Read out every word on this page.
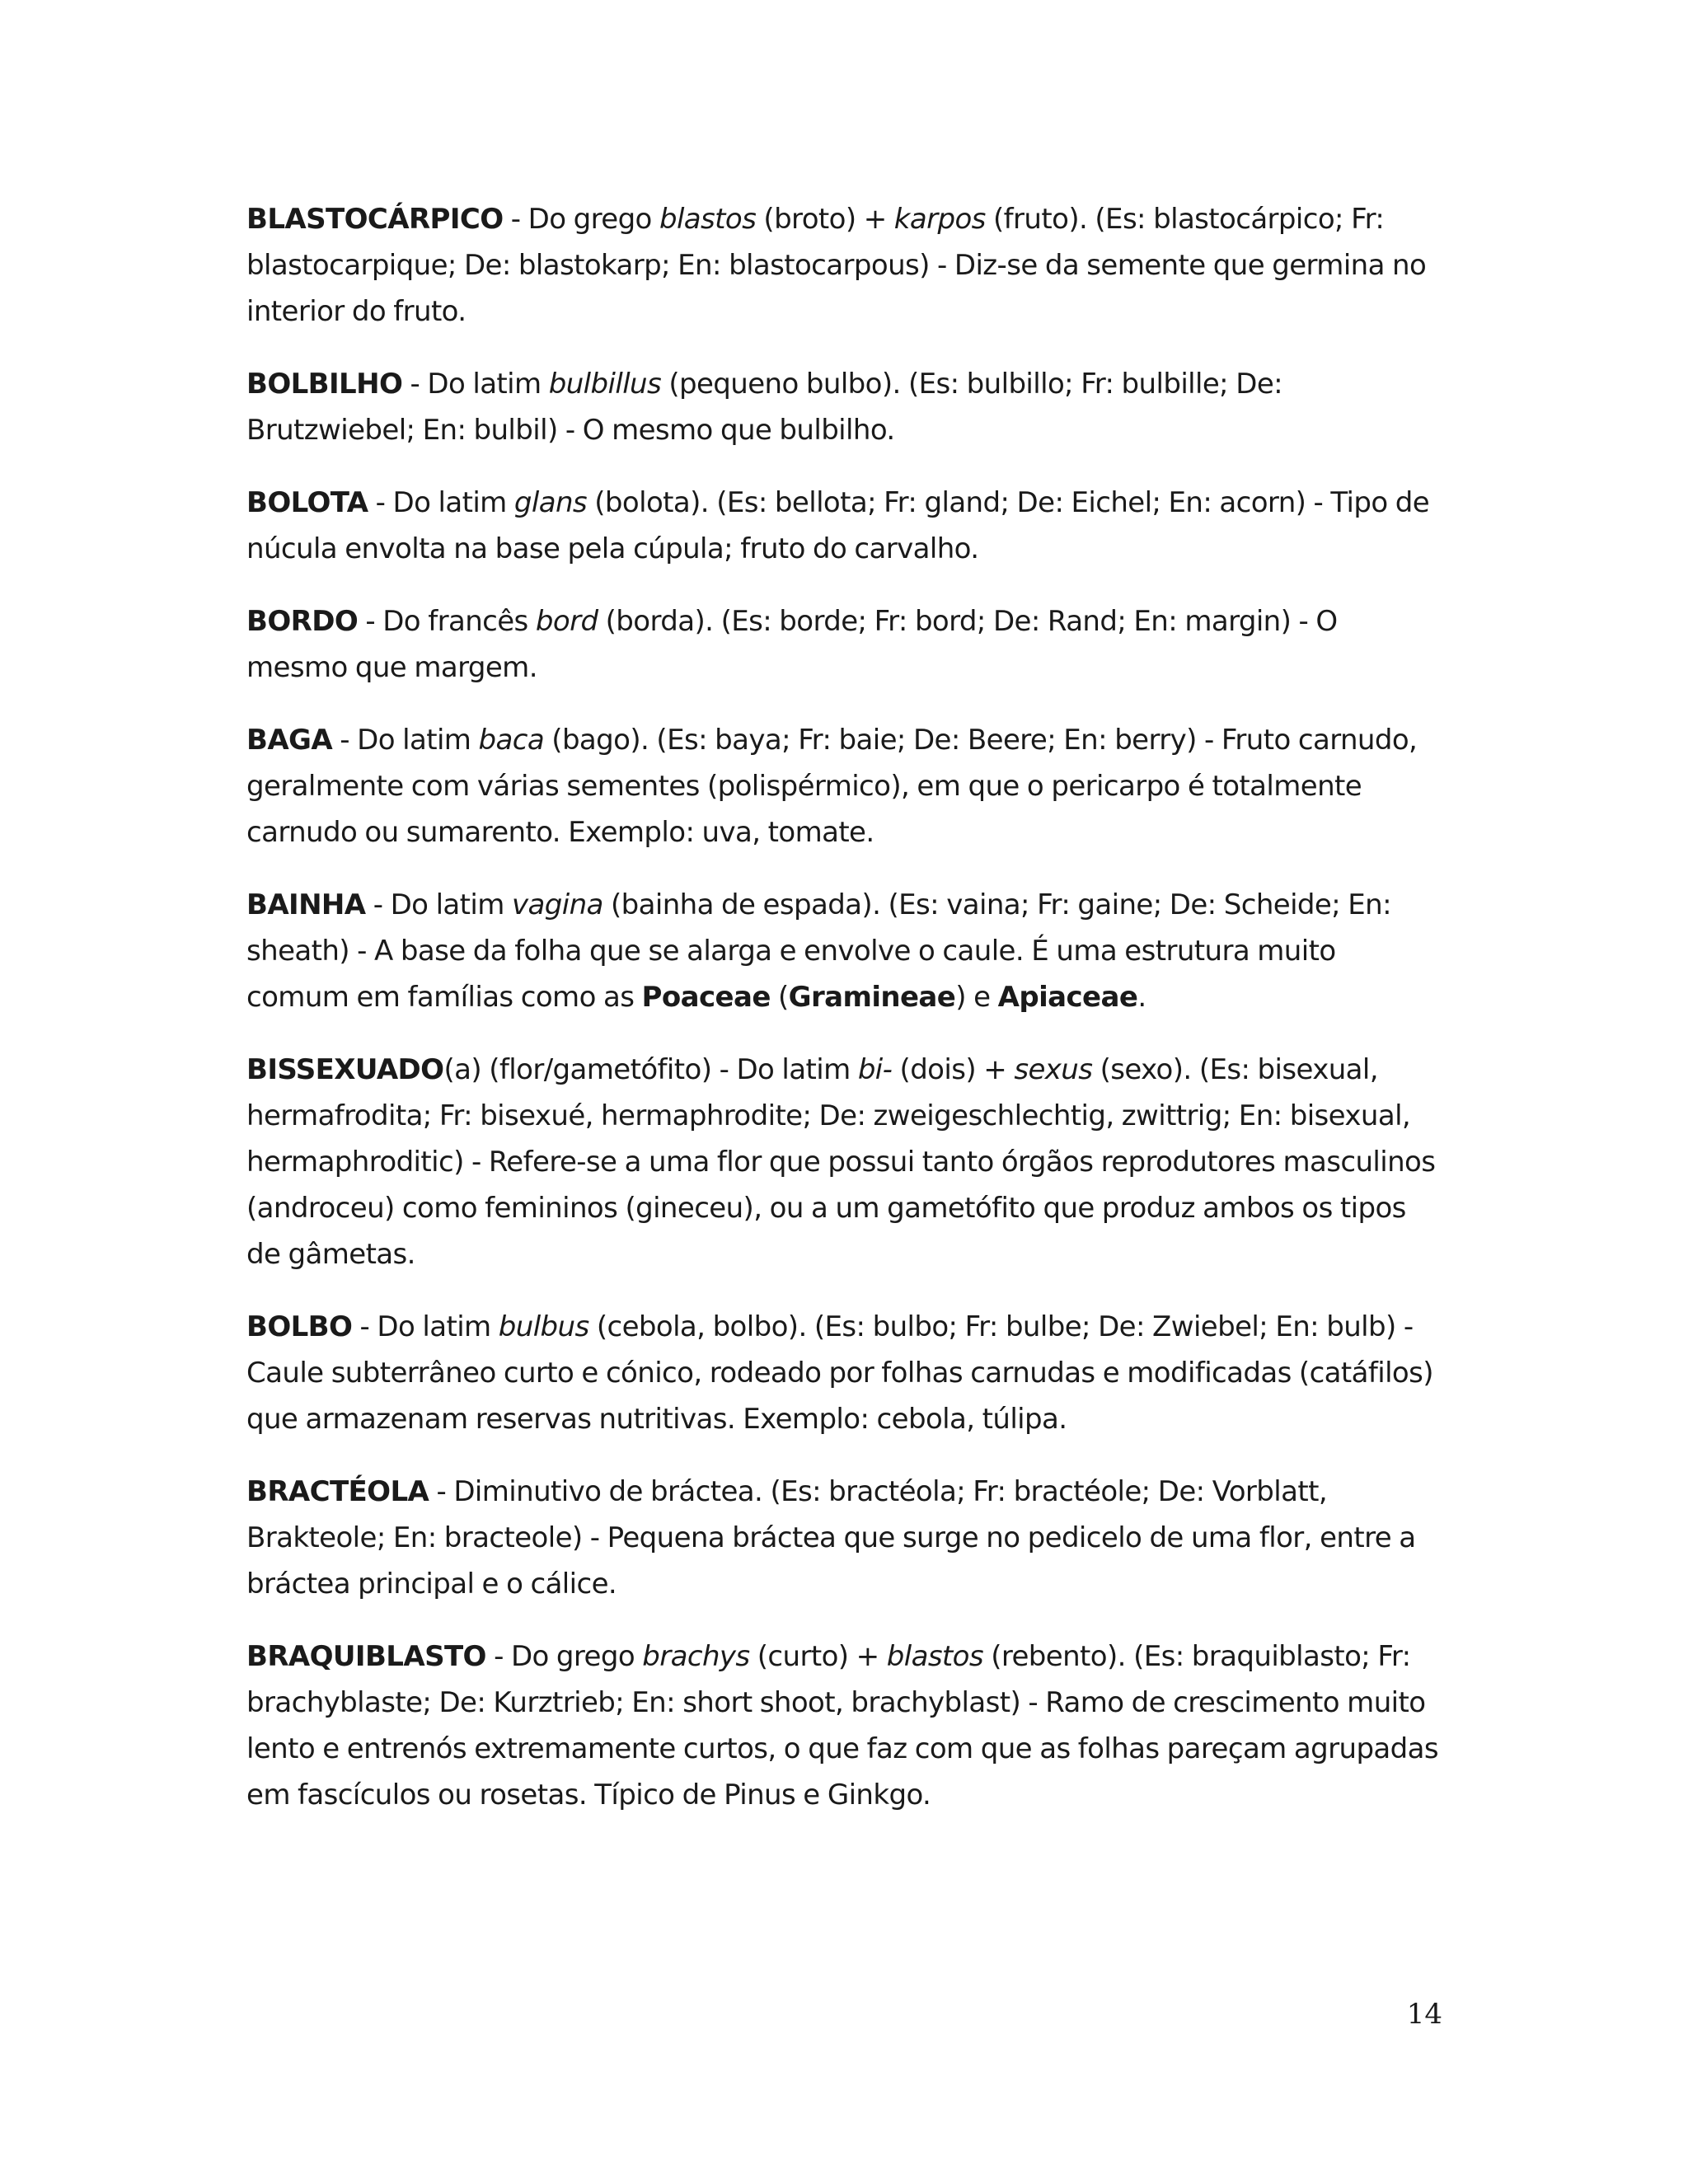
BLASTOCÁRPICO - Do grego blastos (broto) + karpos (fruto). (Es: blastocárpico; Fr: blastocarpique; De: blastokarp; En: blastocarpous) - Diz-se da semente que germina no interior do fruto.

BOLBILHO - Do latim bulbillus (pequeno bulbo). (Es: bulbillo; Fr: bulbille; De: Brutzwiebel; En: bulbil) - O mesmo que bulbilho.

BOLOTA - Do latim glans (bolota). (Es: bellota; Fr: gland; De: Eichel; En: acorn) - Tipo de núcula envolta na base pela cúpula; fruto do carvalho.

BORDO - Do francês bord (borda). (Es: borde; Fr: bord; De: Rand; En: margin) - O mesmo que margem.

BAGA - Do latim baca (bago). (Es: baya; Fr: baie; De: Beere; En: berry) - Fruto carnudo, geralmente com várias sementes (polispérmico), em que o pericarpo é totalmente carnudo ou sumarento. Exemplo: uva, tomate.

BAINHA - Do latim vagina (bainha de espada). (Es: vaina; Fr: gaine; De: Scheide; En: sheath) - A base da folha que se alarga e envolve o caule. É uma estrutura muito comum em famílias como as Poaceae (Gramineae) e Apiaceae.

BISSEXUADO(a) (flor/gametófito) - Do latim bi- (dois) + sexus (sexo). (Es: bisexual, hermafrodita; Fr: bisexué, hermaphrodite; De: zweigeschlechtig, zwittrig; En: bisexual, hermaphroditic) - Refere-se a uma flor que possui tanto órgãos reprodutores masculinos (androceu) como femininos (gineceu), ou a um gametófito que produz ambos os tipos de gâmetas.

BOLBO - Do latim bulbus (cebola, bolbo). (Es: bulbo; Fr: bulbe; De: Zwiebel; En: bulb) - Caule subterrâneo curto e cónico, rodeado por folhas carnudas e modificadas (catáfilos) que armazenam reservas nutritivas. Exemplo: cebola, túlipa.

BRACTÉOLA - Diminutivo de bráctea. (Es: bractéola; Fr: bractéole; De: Vorblatt, Brakteole; En: bracteole) - Pequena bráctea que surge no pedicelo de uma flor, entre a bráctea principal e o cálice.

BRAQUIBLASTO - Do grego brachys (curto) + blastos (rebento). (Es: braquiblasto; Fr: brachyblaste; De: Kurztrieb; En: short shoot, brachyblast) - Ramo de crescimento muito lento e entrenós extremamente curtos, o que faz com que as folhas pareçam agrupadas em fascículos ou rosetas. Típico de Pinus e Ginkgo.

14
